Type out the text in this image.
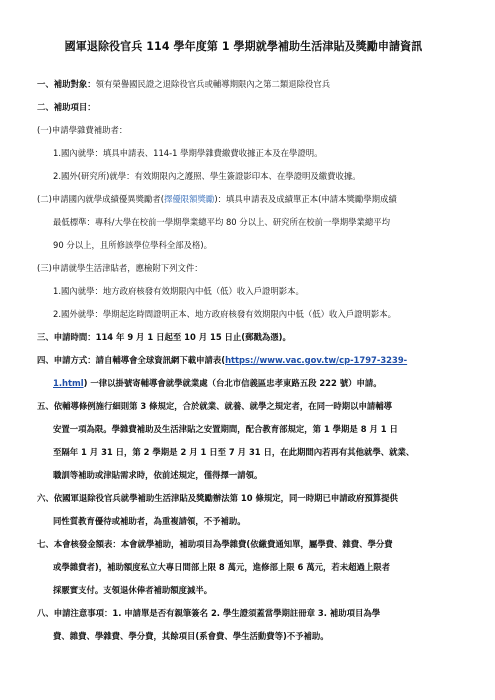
國軍退除役官兵 114 學年度第 1 學期就學補助生活津貼及獎勵申請資訊
一、補助對象：領有榮譽國民證之退除役官兵或輔導期限內之第二類退除役官兵
二、補助項目：
(一)申請學雜費補助者：
1.國內就學：填具申請表、114-1 學期學雜費繳費收據正本及在學證明。
2.國外(研究所)就學：有效期限內之護照、學生簽證影印本、在學證明及繳費收據。
(二)申請國內就學成績優異獎勵者(擇優限額獎勵)：填具申請表及成績單正本(申請本獎勵學期成績
最低標準：專科/大學在校前一學期學業總平均 80 分以上、研究所在校前一學期學業總平均
90 分以上，且所修該學位學科全部及格)。
(三)申請就學生活津貼者，應檢附下列文件：
1.國內就學：地方政府核發有效期限內中低（低）收入戶證明影本。
2.國外就學：學期起迄時間證明正本、地方政府核發有效期限內中低（低）收入戶證明影本。
三、申請時間：114 年 9 月 1 日起至 10 月 15 日止(郵戳為憑)。
四、申請方式：請自輔導會全球資訊網下載申請表(https://www.vac.gov.tw/cp-1797-3239-
1.html) 一律以掛號寄輔導會就學就業處（台北市信義區忠孝東路五段 222 號）申請。
五、依輔導條例施行細則第 3 條規定，合於就業、就養、就學之規定者，在同一時期以申請輔導
安置一項為限。學雜費補助及生活津貼之安置期間，配合教育部規定，第 1 學期是 8 月 1 日
至隔年 1 月 31 日，第 2 學期是 2 月 1 日至 7 月 31 日，在此期間內若再有其他就學、就業、
職訓等補助或津貼需求時，依前述規定，僅得擇一請領。
六、依國軍退除役官兵就學補助生活津貼及獎勵辦法第 10 條規定，同一時期已申請政府預算提供
同性質教育優待或補助者，為重複請領，不予補助。
七、本會核發金額表：本會就學補助，補助項目為學雜費(依繳費通知單，屬學費、雜費、學分費
或學雜費者)，補助額度私立大專日間部上限 8 萬元，進修部上限 6 萬元，若未超過上限者
採覈實支付。支領退休俸者補助額度減半。
八、申請注意事項：1. 申請單是否有親筆簽名 2. 學生證須蓋當學期註冊章 3. 補助項目為學
費、雜費、學雜費、學分費，其餘項目(系會費、學生活動費等)不予補助。
